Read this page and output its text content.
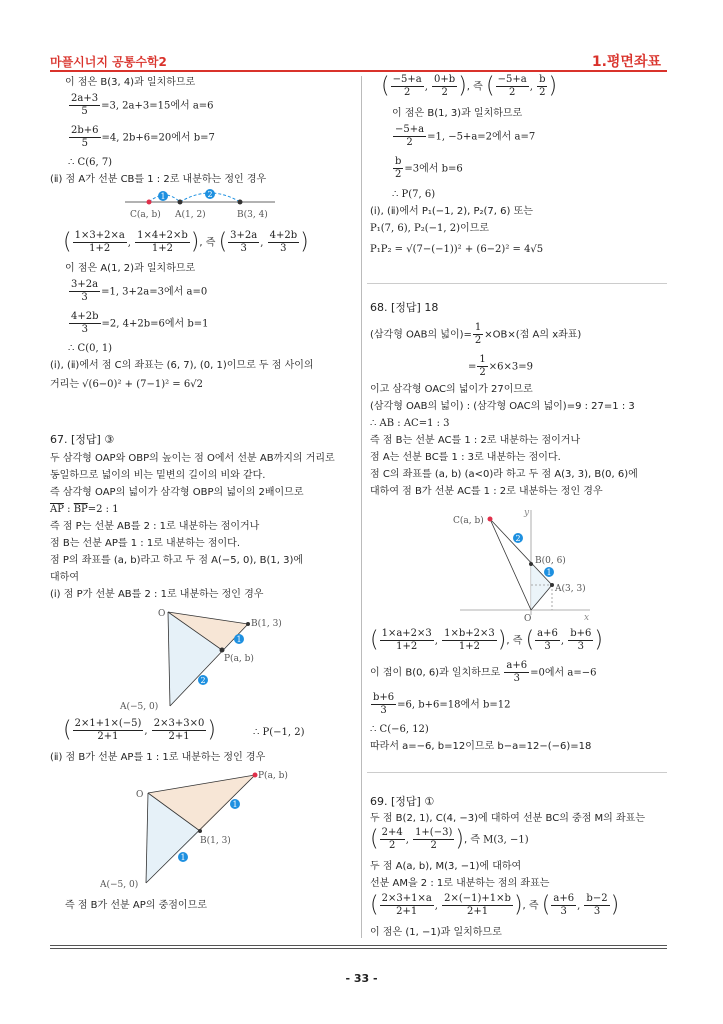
마플시너지 공통수학2	1.평면좌표
이 점은 B(3, 4)과 일치하므로
$\frac{2a+3}{5} =3$, 2a+3=15에서 a=6
$\frac{2b+6}{5} =4$, 2b+6=20에서 b=7
∴ C(6, 7)
(ⅱ) 점 A가 선분 CB를 1 : 2로 내분하는 정인 경우
1	2
C(a, b) A(1, 2)	B(3, 4)
( $\frac{1\times 3+2\times a}{1+2}$ , $\frac{1\times 4+2\times b}{1+2}$ ), 즉 ( $\frac{3+2a}{3}$ , $\frac{4+2b}{3}$ )
이 점은 A(1, 2)과 일치하므로
$\frac{3+2a}{3} =1$, 3+2a=3에서 a=0
$\frac{4+2b}{3} =2$, 4+2b=6에서 b=1
∴ C(0, 1)
(ⅰ), (ⅱ)에서 점 C의 좌표는 (6, 7), (0, 1)이므로 두 점 사이의
거리는 √(6−0)² + (7−1)² = 6√2
67. [정답] ③
두 삼각형 OAP와 OBP의 높이는 점 O에서 선분 AB까지의 거리로
동일하므로 넓이의 비는 밑변의 길이의 비와 같다.
즉 삼각형 OAP의 넓이가 삼각형 OBP의 넓이의 2배이므로
$\overline{AP}$ : $\overline{BP}=2$ : 1
즉 점 P는 선분 AB를 2 : 1로 내분하는 점이거나
점 B는 선분 AP를 1 : 1로 내분하는 점이다.
점 P의 좌표를 (a, b)라고 하고 두 점 A(−5, 0), B(1, 3)에
대하여
(ⅰ) 점 P가 선분 AB를 2 : 1로 내분하는 정인 경우
1
2
O
B(1, 3)
P(a, b)
A(−5, 0)
( $\frac{2\times 1+1\times(-5)}{2+1}$ , $\frac{2\times 3+3\times 0}{2+1}$ )	∴ P(−1, 2)
(ⅱ) 점 B가 선분 AP를 1 : 1로 내분하는 정인 경우
1
1
P(a, b)
O
B(1, 3)
A(−5, 0)
즉 점 B가 선분 AP의 중점이므로
( $\frac{-5+a}{2}$ , $\frac{0+b}{2}$ ), 즉 ( $\frac{-5+a}{2}$ , $\frac{b}{2}$ )
이 점은 B(1, 3)과 일치하므로
$\frac{-5+a}{2} =1$, −5+a=2에서 a=7
$\frac{b}{2} =3$에서 b=6
∴ P(7, 6)
(ⅰ), (ⅱ)에서 P₁(−1, 2), P₂(7, 6) 또는
P₁(7, 6), P₂(−1, 2)이므로
P₁P₂ = √(7−(−1))² + (6−2)² = 4√5
68. [정답] 18
(삼각형 OAB의 넓이)= $\frac{1}{2} \times OB\times$(점 A의 x좌표)
= $\frac{1}{2} \times 6\times 3=9$
이고 삼각형 OAC의 넓이가 27이므로
(삼각형 OAB의 넓이) : (삼각형 OAC의 넓이)=9 : 27=1 : 3
∴ AB : AC=1 : 3
즉 점 B는 선분 AC를 1 : 2로 내분하는 점이거나
점 A는 선분 BC를 1 : 3로 내분하는 점이다.
점 C의 좌표를 (a, b) (a<0)라 하고 두 점 A(3, 3), B(0, 6)에
대하여 점 B가 선분 AC를 1 : 2로 내분하는 정인 경우
2
1
C(a, b)
y
B(0, 6)
A(3, 3)
O	x
( $\frac{1\times a+2\times 3}{1+2}$ , $\frac{1\times b+2\times 3}{1+2}$ ), 즉 ( $\frac{a+6}{3}$ , $\frac{b+6}{3}$ )
이 점이 B(0, 6)과 일치하므로 $\frac{a+6}{3} =0$에서 a=−6
$\frac{b+6}{3} =6$, b+6=18에서 b=12
∴ C(−6, 12)
따라서 a=−6, b=12이므로 b−a=12−(−6)=18
69. [정답] ①
두 점 B(2, 1), C(4, −3)에 대하여 선분 BC의 중점 M의 좌표는
( $\frac{2+4}{2}$ , $\frac{1+(-3)}{2}$ ), 즉 M(3, −1)
두 점 A(a, b), M(3, −1)에 대하여
선분 AM을 2 : 1로 내분하는 점의 좌표는
( $\frac{2\times 3+1\times a}{2+1}$ , $\frac{2\times(-1)+1\times b}{2+1}$ ), 즉 ( $\frac{a+6}{3}$ , $\frac{b-2}{3}$ )
이 점은 (1, −1)과 일치하므로
- 33 -
